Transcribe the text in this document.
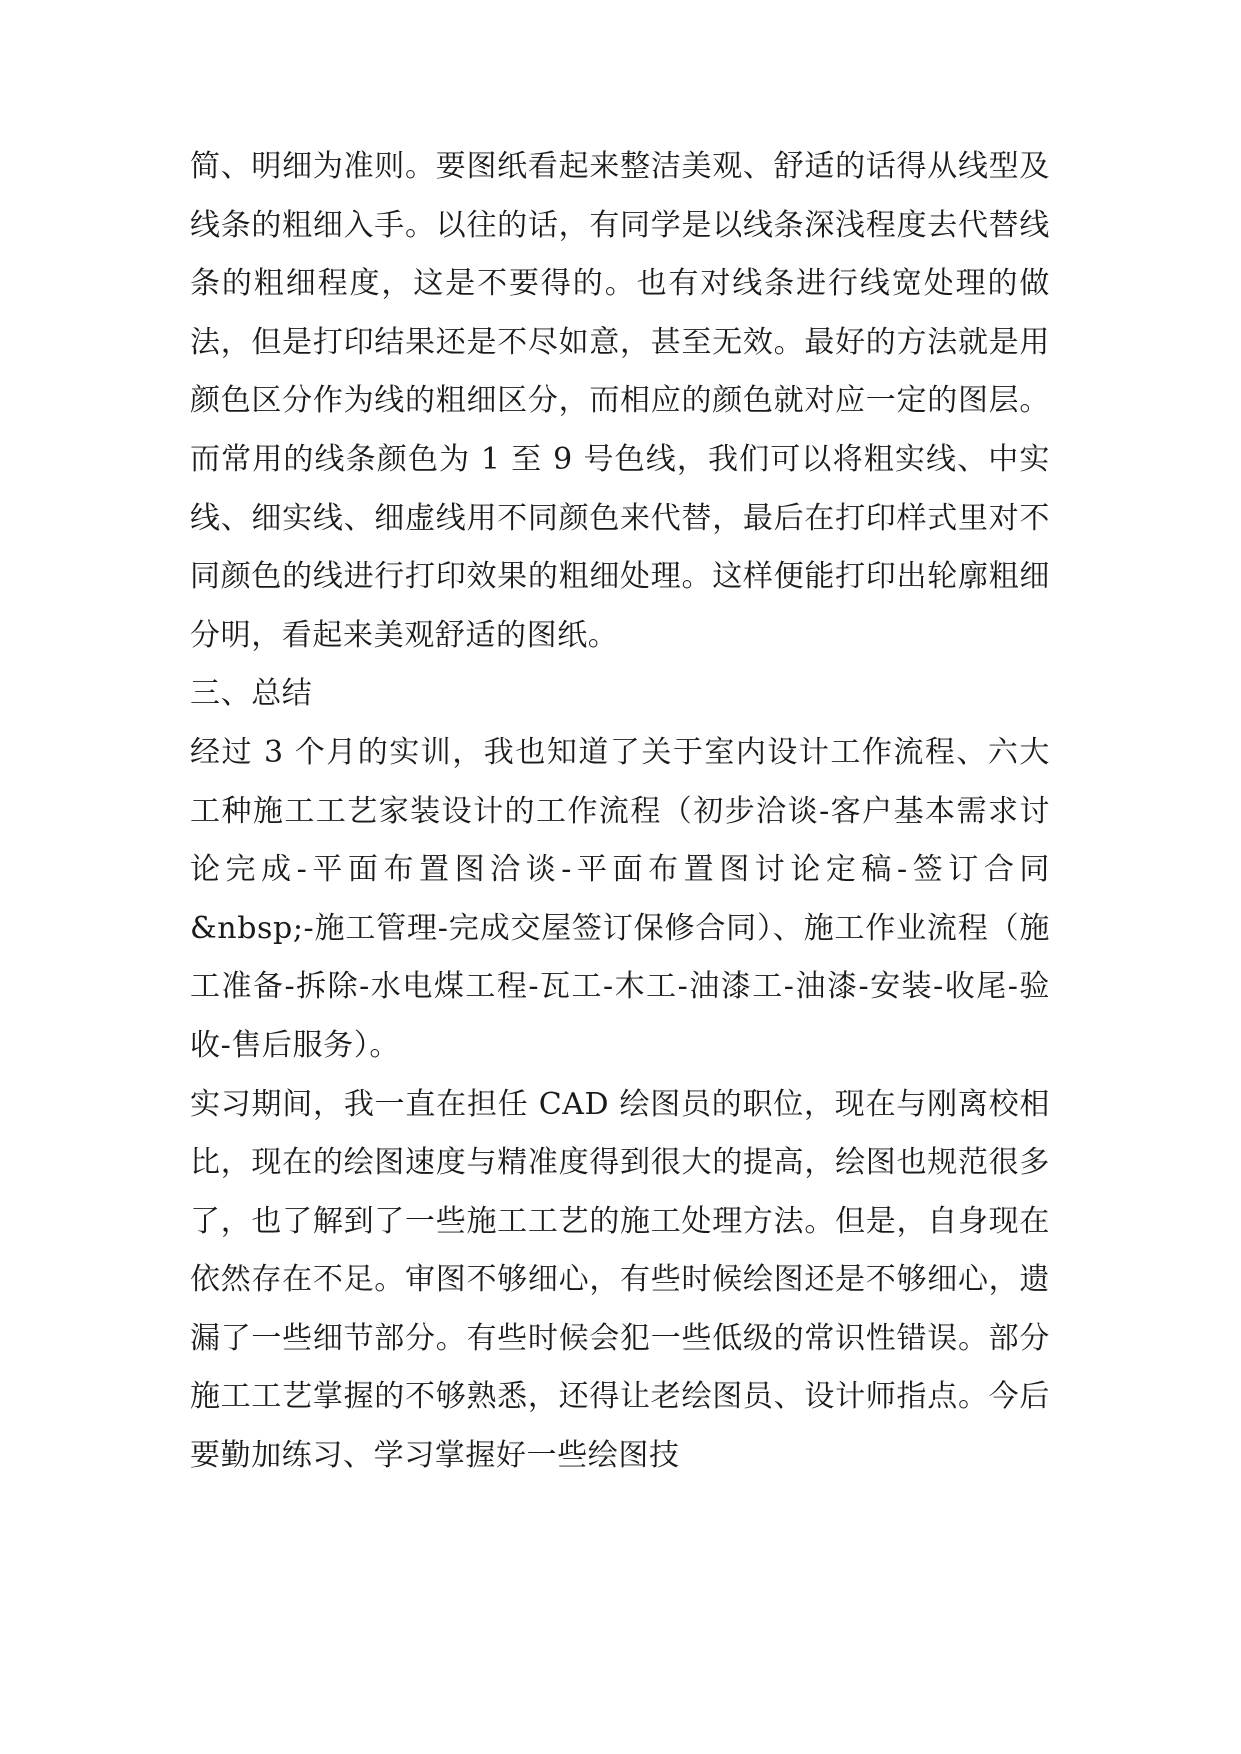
简、明细为准则。要图纸看起来整洁美观、舒适的话得从线型及线条的粗细入手。以往的话，有同学是以线条深浅程度去代替线条的粗细程度，这是不要得的。也有对线条进行线宽处理的做法，但是打印结果还是不尽如意，甚至无效。最好的方法就是用颜色区分作为线的粗细区分，而相应的颜色就对应一定的图层。而常用的线条颜色为 1 至 9 号色线，我们可以将粗实线、中实线、细实线、细虚线用不同颜色来代替，最后在打印样式里对不同颜色的线进行打印效果的粗细处理。这样便能打印出轮廓粗细分明，看起来美观舒适的图纸。

三、总结

经过 3 个月的实训，我也知道了关于室内设计工作流程、六大工种施工工艺家装设计的工作流程（初步洽谈-客户基本需求讨论完成-平面布置图洽谈-平面布置图讨论定稿-签订合同&nbsp;-施工管理-完成交屋签订保修合同）、施工作业流程（施工准备-拆除-水电煤工程-瓦工-木工-油漆工-油漆-安装-收尾-验收-售后服务）。

实习期间，我一直在担任 CAD 绘图员的职位，现在与刚离校相比，现在的绘图速度与精准度得到很大的提高，绘图也规范很多了，也了解到了一些施工工艺的施工处理方法。但是，自身现在依然存在不足。审图不够细心，有些时候绘图还是不够细心，遗漏了一些细节部分。有些时候会犯一些低级的常识性错误。部分施工工艺掌握的不够熟悉，还得让老绘图员、设计师指点。今后要勤加练习、学习掌握好一些绘图技
